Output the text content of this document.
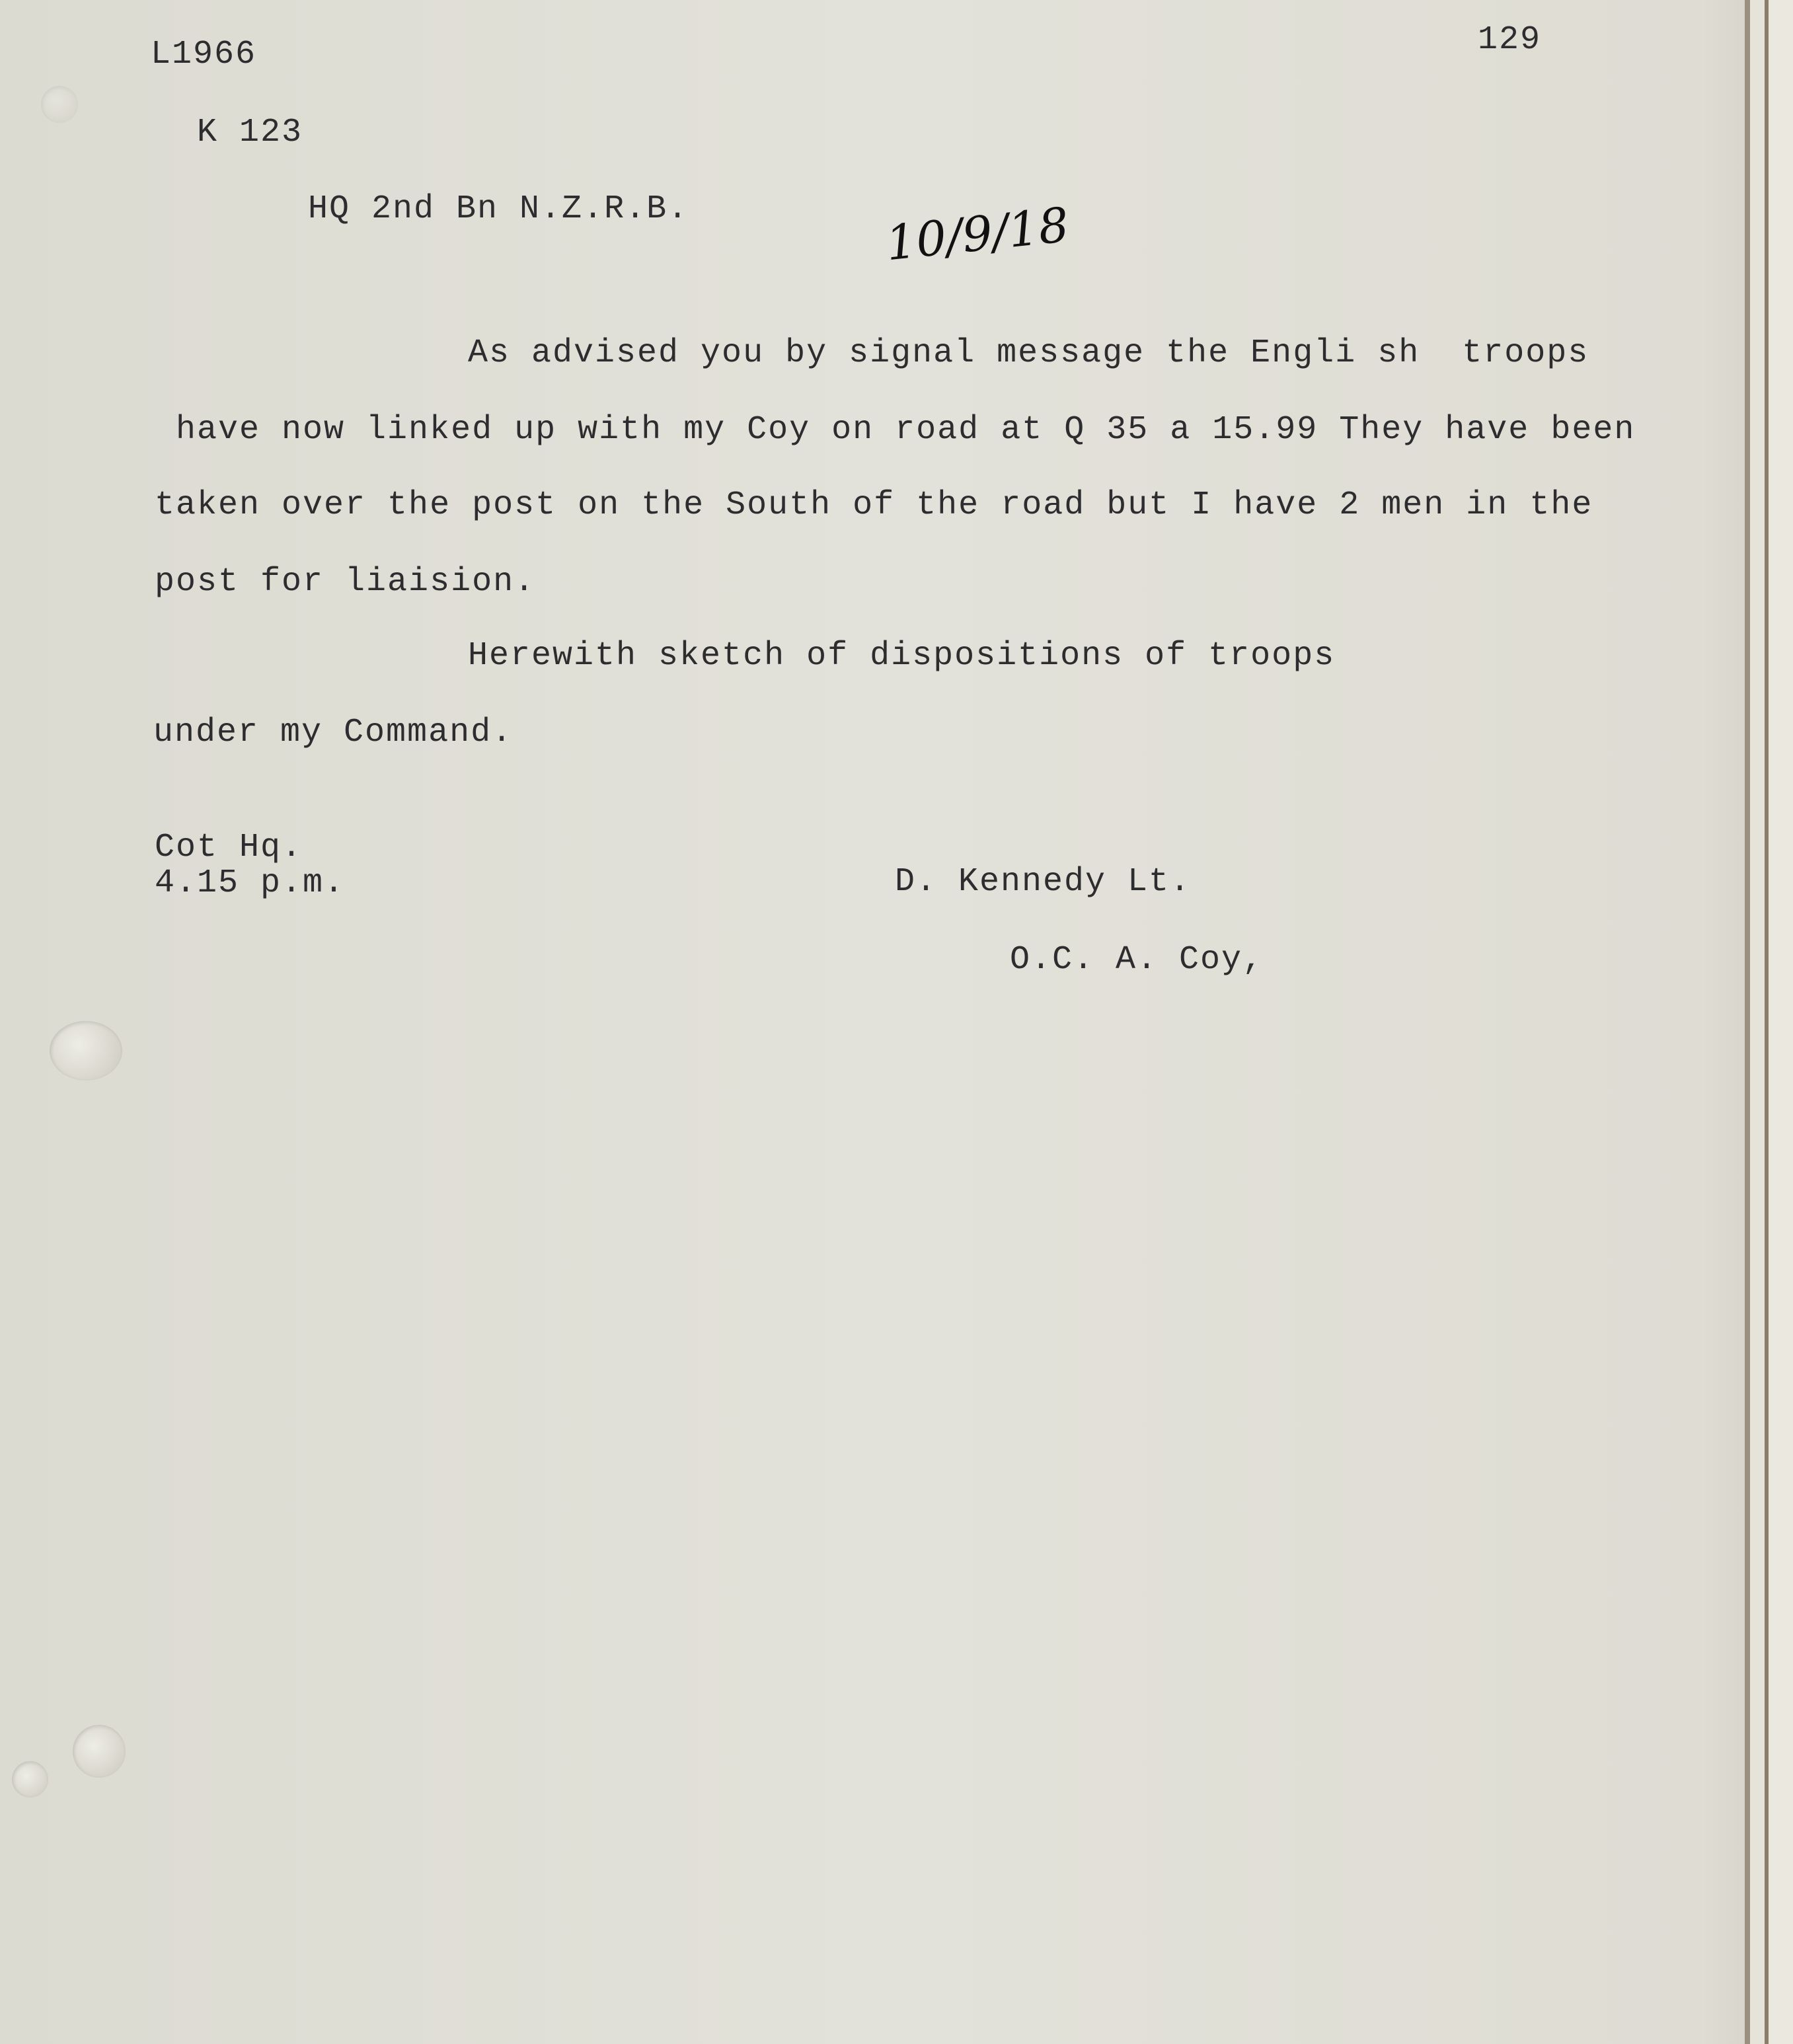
L1966	129

K 123

HQ 2nd Bn N.Z.R.B.	10/9/18

As advised you by signal message the Engli sh  troops

have now linked up with my Coy on road at Q 35 a 15.99 They have been

taken over the post on the South of the road but I have 2 men in the

post for liaision.

Herewith sketch of dispositions of troops

under my Command.

Cot Hq.

4.15 p.m.	D. Kennedy Lt.

O.C. A. Coy,
